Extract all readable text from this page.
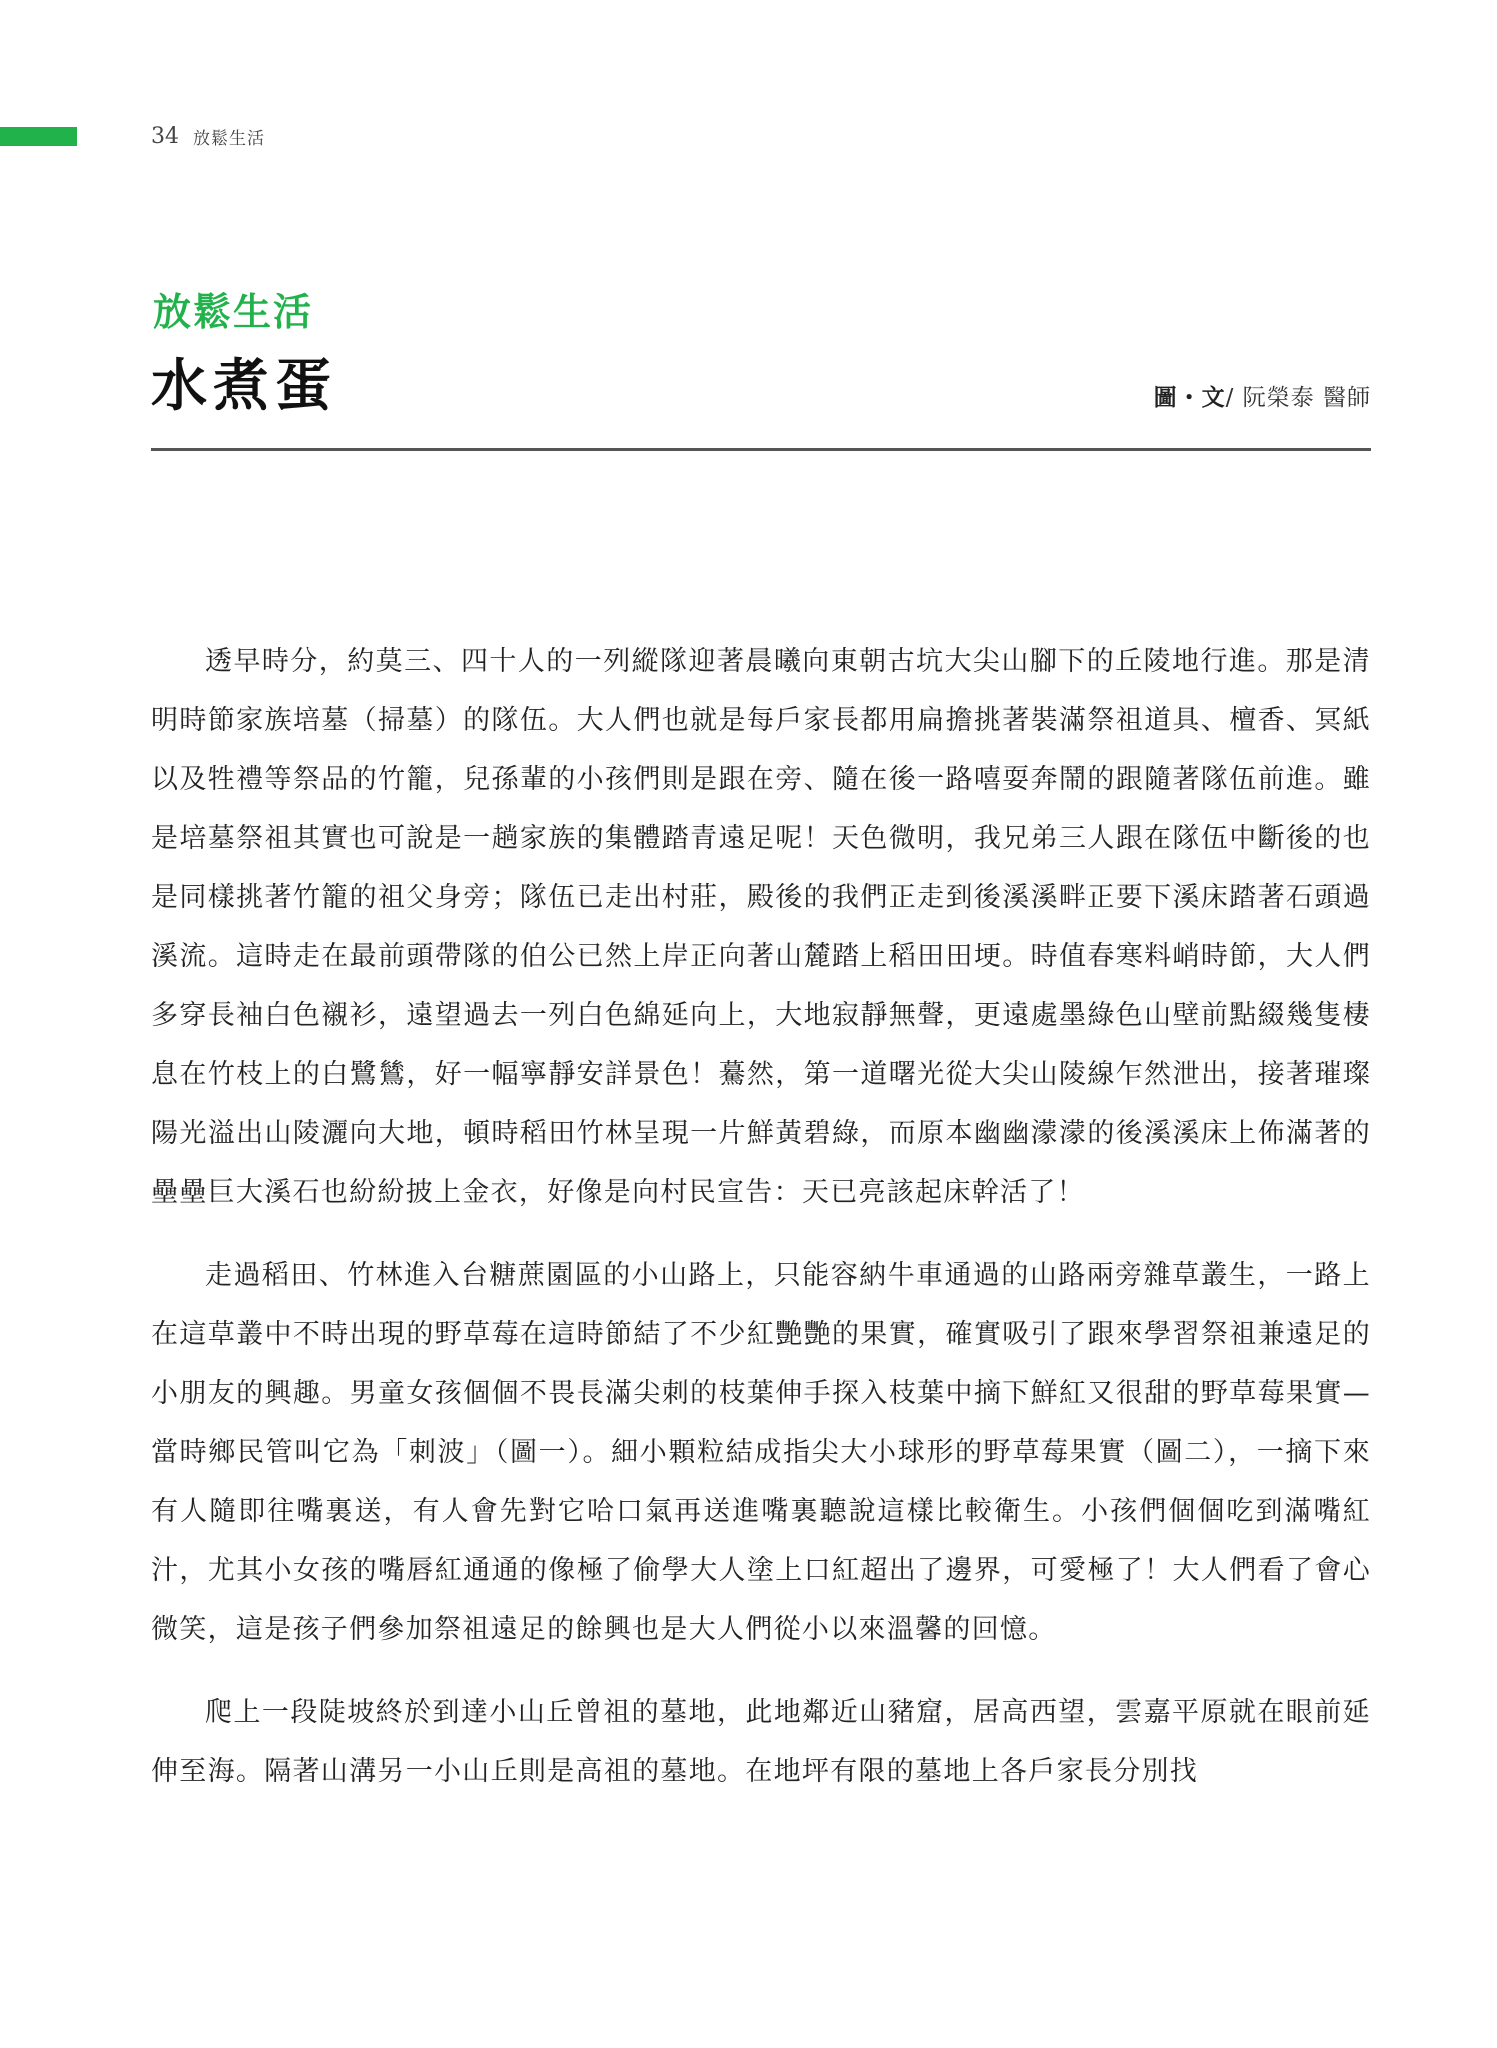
34 放鬆生活
放鬆生活
水煮蛋	圖・文/ 阮榮泰 醫師

透早時分，約莫三、四十人的一列縱隊迎著晨曦向東朝古坑大尖山腳下的丘陵地行進。那是清明時節家族培墓（掃墓）的隊伍。大人們也就是每戶家長都用扁擔挑著裝滿祭祖道具、檀香、冥紙以及牲禮等祭品的竹籠，兒孫輩的小孩們則是跟在旁、隨在後一路嘻耍奔鬧的跟隨著隊伍前進。雖是培墓祭祖其實也可說是一趟家族的集體踏青遠足呢！天色微明，我兄弟三人跟在隊伍中斷後的也是同樣挑著竹籠的祖父身旁；隊伍已走出村莊，殿後的我們正走到後溪溪畔正要下溪床踏著石頭過溪流。這時走在最前頭帶隊的伯公已然上岸正向著山麓踏上稻田田埂。時值春寒料峭時節，大人們多穿長袖白色襯衫，遠望過去一列白色綿延向上，大地寂靜無聲，更遠處墨綠色山壁前點綴幾隻棲息在竹枝上的白鷺鷥，好一幅寧靜安詳景色！驀然，第一道曙光從大尖山陵線乍然泄出，接著璀璨陽光溢出山陵灑向大地，頓時稻田竹林呈現一片鮮黃碧綠，而原本幽幽濛濛的後溪溪床上佈滿著的壘壘巨大溪石也紛紛披上金衣，好像是向村民宣告：天已亮該起床幹活了！

走過稻田、竹林進入台糖蔗園區的小山路上，只能容納牛車通過的山路兩旁雜草叢生，一路上在這草叢中不時出現的野草莓在這時節結了不少紅艷艷的果實，確實吸引了跟來學習祭祖兼遠足的小朋友的興趣。男童女孩個個不畏長滿尖刺的枝葉伸手探入枝葉中摘下鮮紅又很甜的野草莓果實—當時鄉民管叫它為「刺波」（圖一）。細小顆粒結成指尖大小球形的野草莓果實（圖二），一摘下來有人隨即往嘴裏送，有人會先對它哈口氣再送進嘴裏聽說這樣比較衛生。小孩們個個吃到滿嘴紅汁，尤其小女孩的嘴唇紅通通的像極了偷學大人塗上口紅超出了邊界，可愛極了！大人們看了會心微笑，這是孩子們參加祭祖遠足的餘興也是大人們從小以來溫馨的回憶。

爬上一段陡坡終於到達小山丘曾祖的墓地，此地鄰近山豬窟，居高西望，雲嘉平原就在眼前延伸至海。隔著山溝另一小山丘則是高祖的墓地。在地坪有限的墓地上各戶家長分別找
